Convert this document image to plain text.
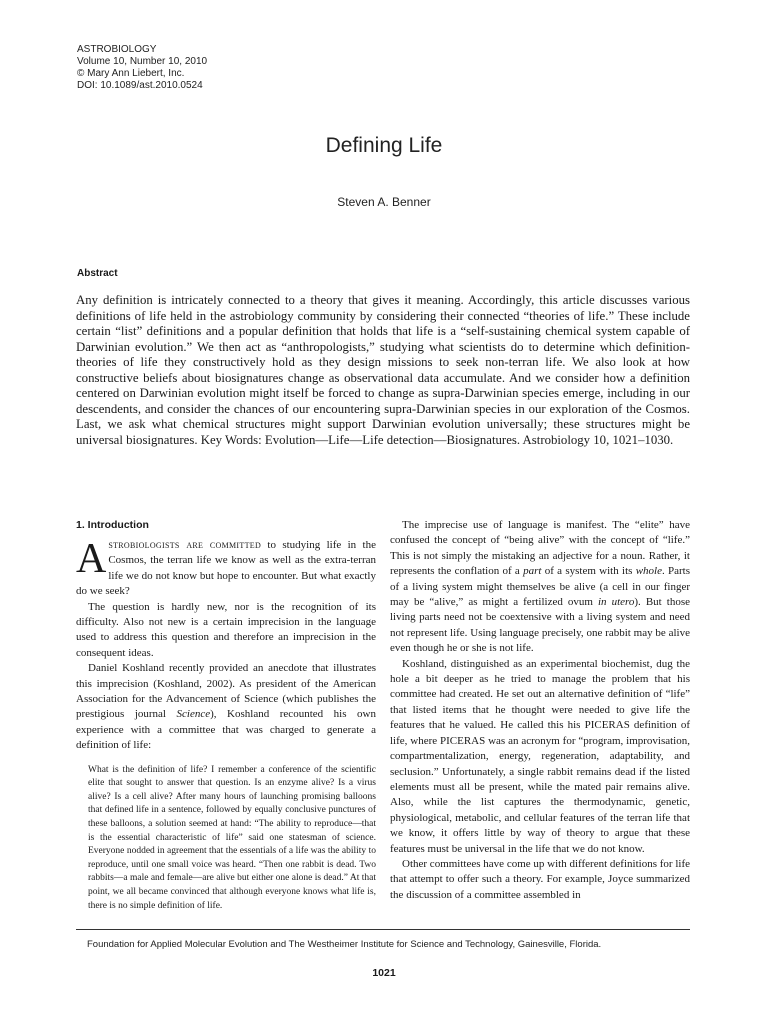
ASTROBIOLOGY
Volume 10, Number 10, 2010
© Mary Ann Liebert, Inc.
DOI: 10.1089/ast.2010.0524
Defining Life
Steven A. Benner
Abstract
Any definition is intricately connected to a theory that gives it meaning. Accordingly, this article discusses various definitions of life held in the astrobiology community by considering their connected “theories of life.” These include certain “list” definitions and a popular definition that holds that life is a “self-sustaining chemical system capable of Darwinian evolution.” We then act as “anthropologists,” studying what scientists do to determine which definition-theories of life they constructively hold as they design missions to seek non-terran life. We also look at how constructive beliefs about biosignatures change as observational data accumulate. And we consider how a definition centered on Darwinian evolution might itself be forced to change as supra-Darwinian species emerge, including in our descendents, and consider the chances of our encountering supra-Darwinian species in our exploration of the Cosmos. Last, we ask what chemical structures might support Darwinian evolution universally; these structures might be universal biosignatures. Key Words: Evolution—Life—Life detection—Biosignatures. Astrobiology 10, 1021–1030.
1. Introduction

Astrobiologists are committed to studying life in the Cosmos, the terran life we know as well as the extra-terran life we do not know but hope to encounter. But what exactly do we seek?

The question is hardly new, nor is the recognition of its difficulty. Also not new is a certain imprecision in the language used to address this question and therefore an imprecision in the consequent ideas.

Daniel Koshland recently provided an anecdote that illustrates this imprecision (Koshland, 2002). As president of the American Association for the Advancement of Science (which publishes the prestigious journal Science), Koshland recounted his own experience with a committee that was charged to generate a definition of life:

What is the definition of life? I remember a conference of the scientific elite that sought to answer that question. Is an enzyme alive? Is a virus alive? Is a cell alive? After many hours of launching promising balloons that defined life in a sentence, followed by equally conclusive punctures of these balloons, a solution seemed at hand: “The ability to reproduce—that is the essential characteristic of life” said one statesman of science. Everyone nodded in agreement that the essentials of a life was the ability to reproduce, until one small voice was heard. “Then one rabbit is dead. Two rabbits—a male and female—are alive but either one alone is dead.” At that point, we all became convinced that although everyone knows what life is, there is no simple definition of life.

The imprecise use of language is manifest. The “elite” have confused the concept of “being alive” with the concept of “life.” This is not simply the mistaking an adjective for a noun. Rather, it represents the conflation of a part of a system with its whole. Parts of a living system might themselves be alive (a cell in our finger may be “alive,” as might a fertilized ovum in utero). But those living parts need not be coextensive with a living system and need not represent life. Using language precisely, one rabbit may be alive even though he or she is not life.

Koshland, distinguished as an experimental biochemist, dug the hole a bit deeper as he tried to manage the problem that his committee had created. He set out an alternative definition of “life” that listed items that he thought were needed to give life the features that he valued. He called this his PICERAS definition of life, where PICERAS was an acronym for “program, improvisation, compartmentalization, energy, regeneration, adaptability, and seclusion.” Unfortunately, a single rabbit remains dead if the listed elements must all be present, while the mated pair remains alive. Also, while the list captures the thermodynamic, genetic, physiological, metabolic, and cellular features of the terran life that we know, it offers little by way of theory to argue that these features must be universal in the life that we do not know.

Other committees have come up with different definitions for life that attempt to offer such a theory. For example, Joyce summarized the discussion of a committee assembled in

Foundation for Applied Molecular Evolution and The Westheimer Institute for Science and Technology, Gainesville, Florida.
1021
